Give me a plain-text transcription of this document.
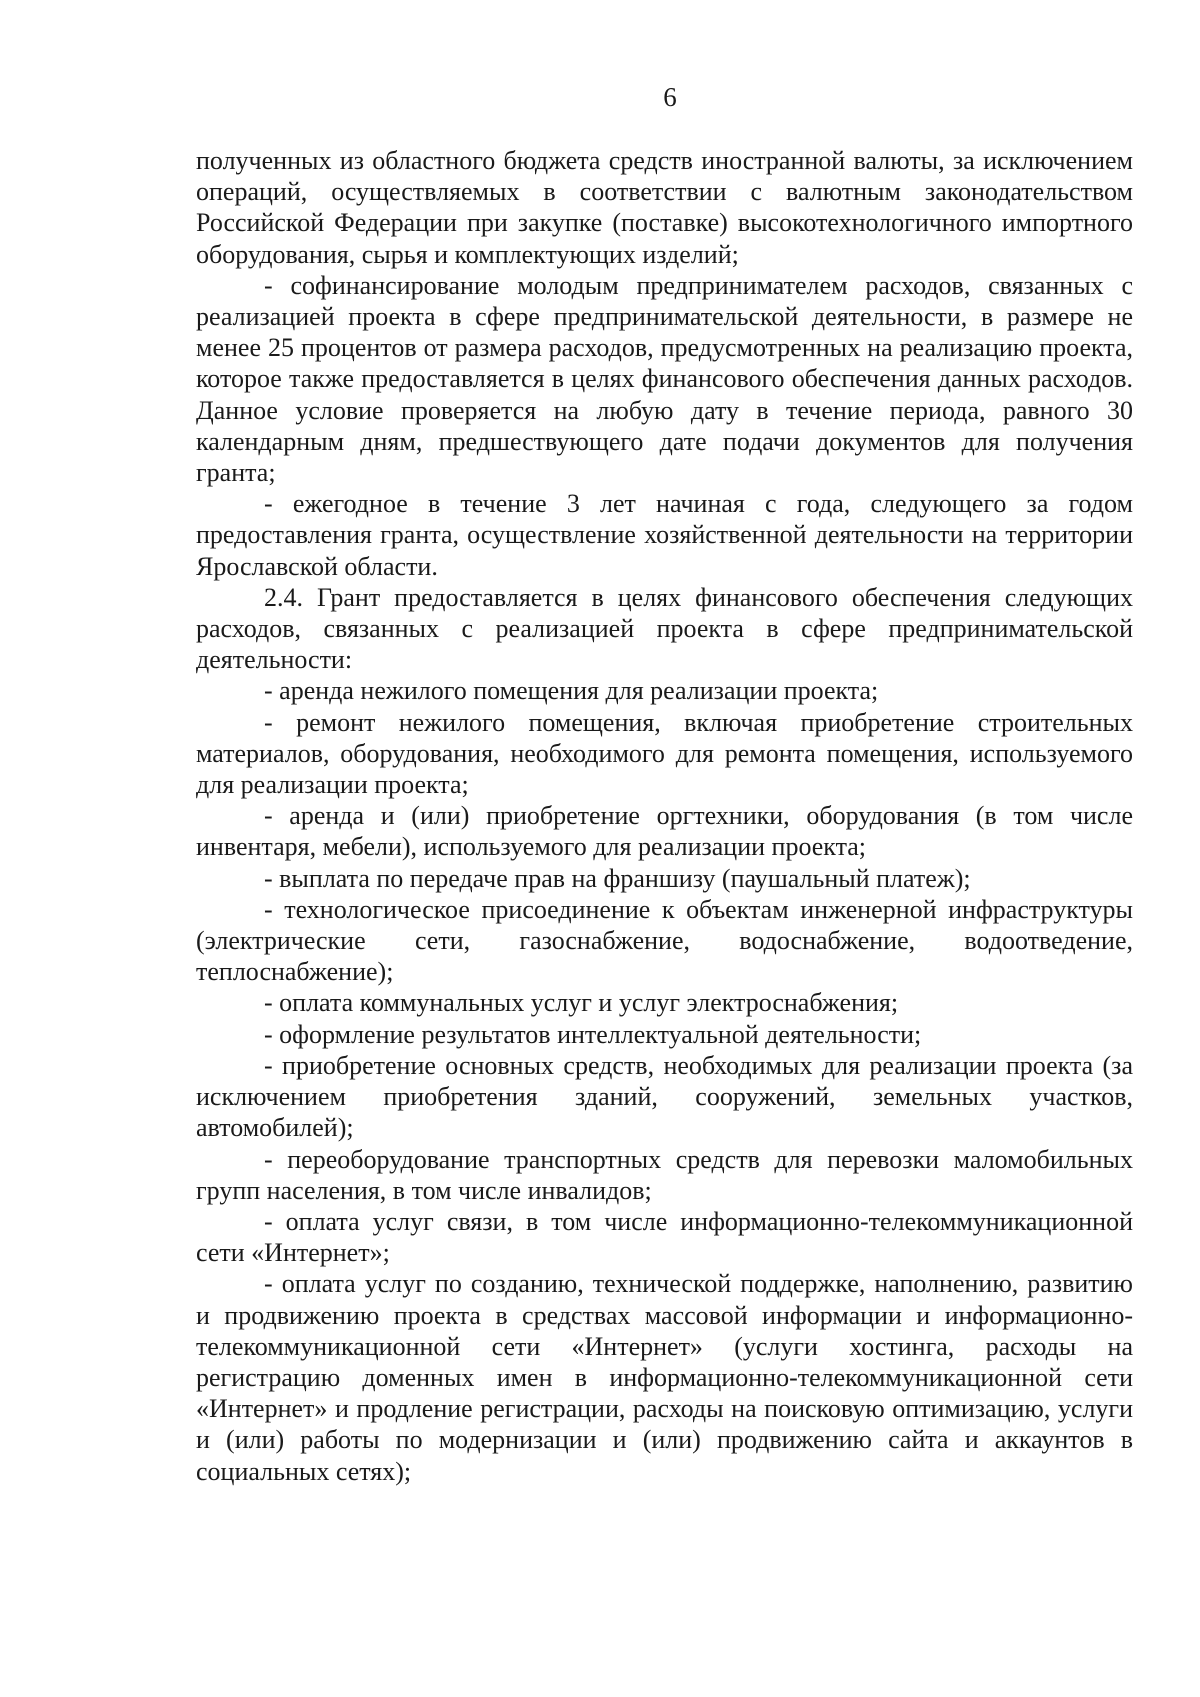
6

полученных из областного бюджета средств иностранной валюты, за исключением операций, осуществляемых в соответствии с валютным законодательством Российской Федерации при закупке (поставке) высокотехнологичного импортного оборудования, сырья и комплектующих изделий;

- софинансирование молодым предпринимателем расходов, связанных с реализацией проекта в сфере предпринимательской деятельности, в размере не менее 25 процентов от размера расходов, предусмотренных на реализацию проекта, которое также предоставляется в целях финансового обеспечения данных расходов. Данное условие проверяется на любую дату в течение периода, равного 30 календарным дням, предшествующего дате подачи документов для получения гранта;

- ежегодное в течение 3 лет начиная с года, следующего за годом предоставления гранта, осуществление хозяйственной деятельности на территории Ярославской области.

2.4. Грант предоставляется в целях финансового обеспечения следующих расходов, связанных с реализацией проекта в сфере предпринимательской деятельности:

- аренда нежилого помещения для реализации проекта;

- ремонт нежилого помещения, включая приобретение строительных материалов, оборудования, необходимого для ремонта помещения, используемого для реализации проекта;

- аренда и (или) приобретение оргтехники, оборудования (в том числе инвентаря, мебели), используемого для реализации проекта;

- выплата по передаче прав на франшизу (паушальный платеж);

- технологическое присоединение к объектам инженерной инфраструктуры (электрические сети, газоснабжение, водоснабжение, водоотведение, теплоснабжение);

- оплата коммунальных услуг и услуг электроснабжения;

- оформление результатов интеллектуальной деятельности;

- приобретение основных средств, необходимых для реализации проекта (за исключением приобретения зданий, сооружений, земельных участков, автомобилей);

- переоборудование транспортных средств для перевозки маломобильных групп населения, в том числе инвалидов;

- оплата услуг связи, в том числе информационно-телекоммуникационной сети «Интернет»;

- оплата услуг по созданию, технической поддержке, наполнению, развитию и продвижению проекта в средствах массовой информации и информационно-телекоммуникационной сети «Интернет» (услуги хостинга, расходы на регистрацию доменных имен в информационно-телекоммуникационной сети «Интернет» и продление регистрации, расходы на поисковую оптимизацию, услуги и (или) работы по модернизации и (или) продвижению сайта и аккаунтов в социальных сетях);
